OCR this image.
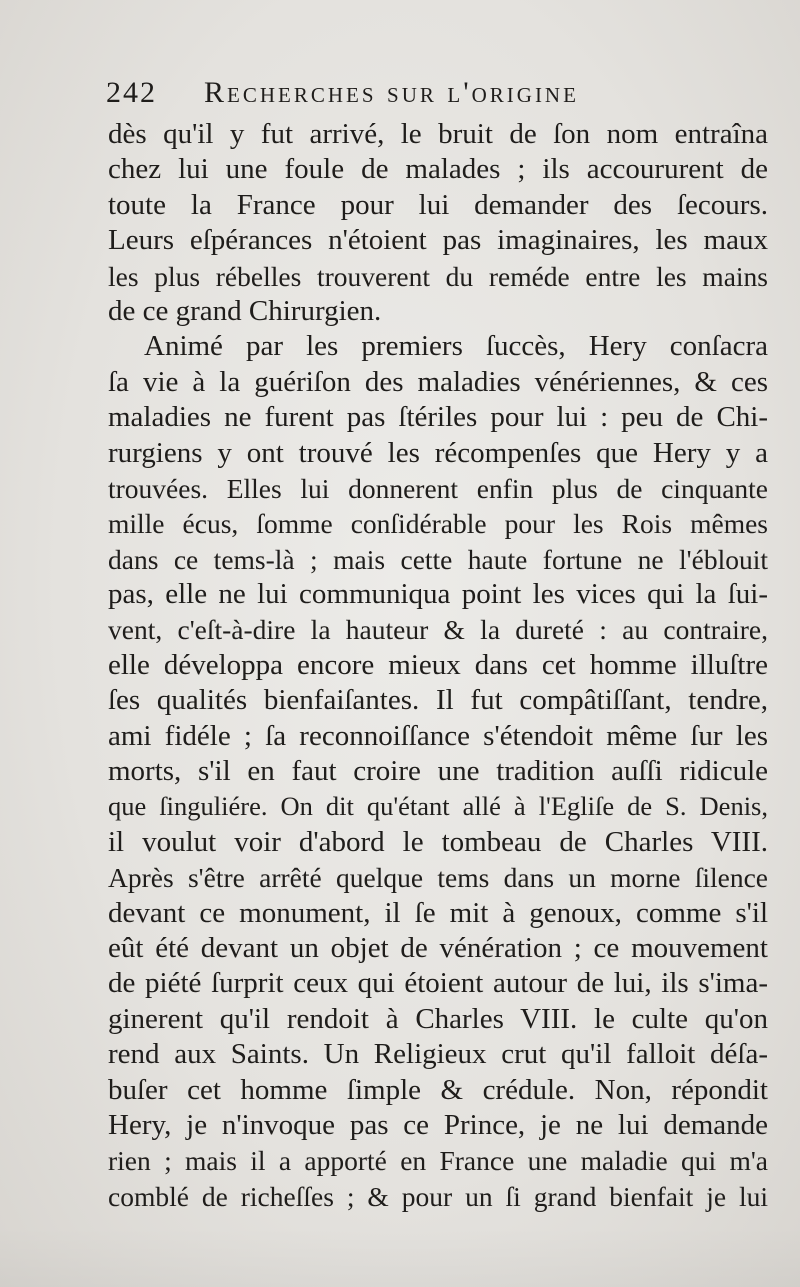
242 Recherches sur l'origine
dès qu'il y fut arrivé, le bruit de ſon nom entraîna
chez lui une foule de malades ; ils accoururent de
toute la France pour lui demander des ſecours.
Leurs eſpérances n'étoient pas imaginaires, les maux
les plus rébelles trouverent du reméde entre les mains
de ce grand Chirurgien.
Animé par les premiers ſuccès, Hery conſacra
ſa vie à la guériſon des maladies vénériennes, & ces
maladies ne furent pas ſtériles pour lui : peu de Chi-
rurgiens y ont trouvé les récompenſes que Hery y a
trouvées. Elles lui donnerent enfin plus de cinquante
mille écus, ſomme conſidérable pour les Rois mêmes
dans ce tems-là ; mais cette haute fortune ne l'éblouit
pas, elle ne lui communiqua point les vices qui la ſui-
vent, c'eſt-à-dire la hauteur & la dureté : au contraire,
elle développa encore mieux dans cet homme illuſtre
ſes qualités bienfaiſantes. Il fut compâtiſſant, tendre,
ami fidéle ; ſa reconnoiſſance s'étendoit même ſur les
morts, s'il en faut croire une tradition auſſi ridicule
que ſinguliére. On dit qu'étant allé à l'Egliſe de S. Denis,
il voulut voir d'abord le tombeau de Charles VIII.
Après s'être arrêté quelque tems dans un morne ſilence
devant ce monument, il ſe mit à genoux, comme s'il
eût été devant un objet de vénération ; ce mouvement
de piété ſurprit ceux qui étoient autour de lui, ils s'ima-
ginerent qu'il rendoit à Charles VIII. le culte qu'on
rend aux Saints. Un Religieux crut qu'il falloit déſa-
buſer cet homme ſimple & crédule. Non, répondit
Hery, je n'invoque pas ce Prince, je ne lui demande
rien ; mais il a apporté en France une maladie qui m'a
comblé de richeſſes ; & pour un ſi grand bienfait je lui
